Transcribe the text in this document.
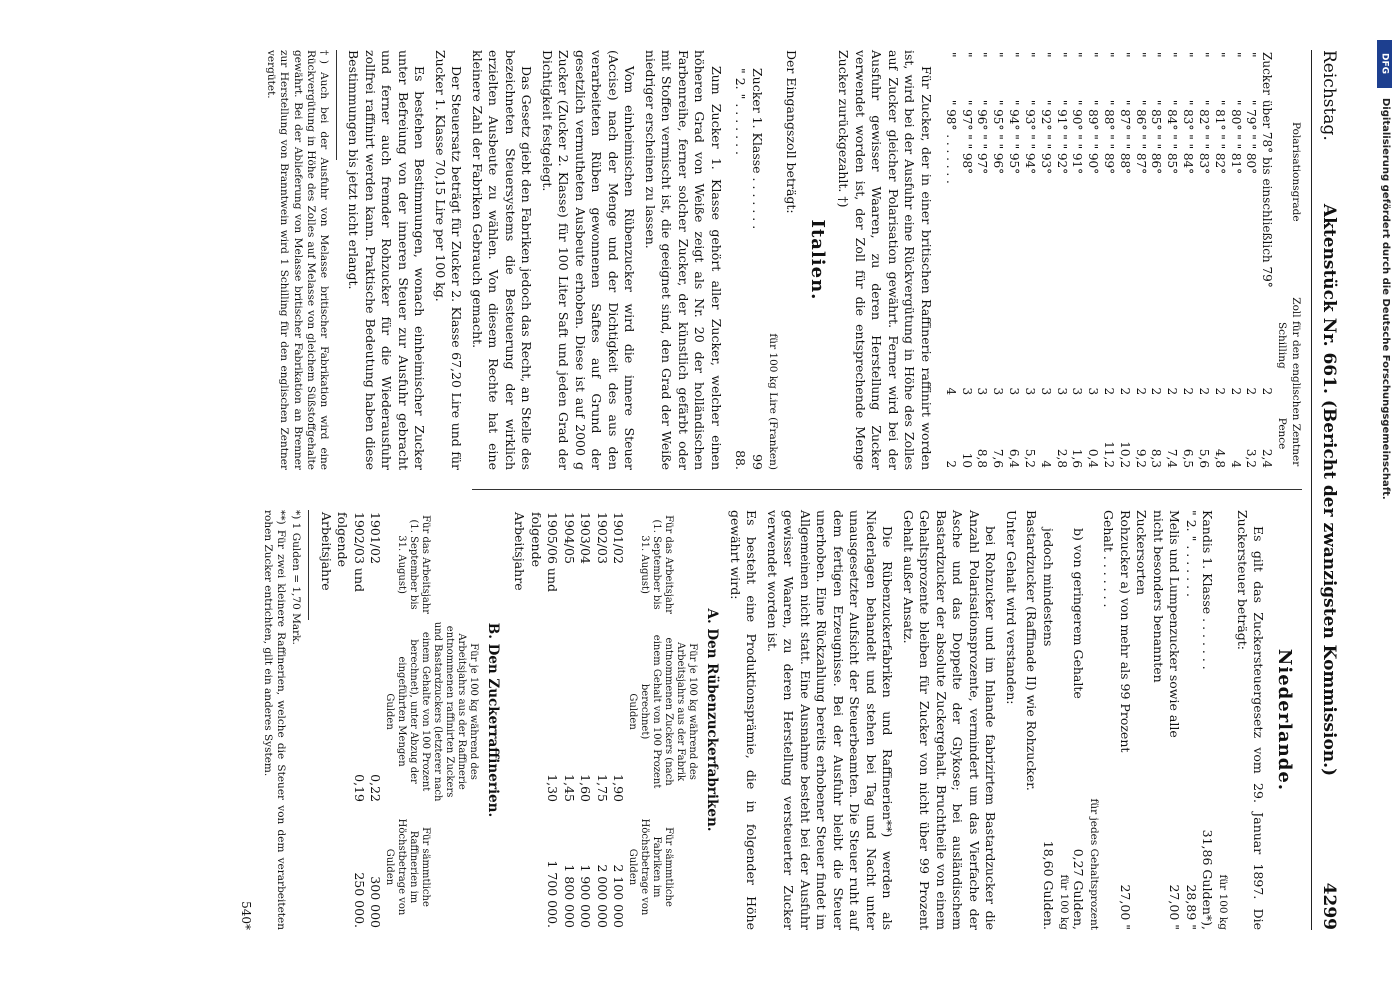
Reichstag.
Aktenstück Nr. 661. (Bericht der zwanzigsten Kommission.)
4299
Polarisationsgrade		Zoll für den englischen Zentner	
		Schilling	Pence
Zucker	über 78° bis einschließlich 79°	2	2,4
"	" 79° " " 80°	2	3,2
"	" 80° " " 81°	2	4
"	" 81° " " 82°	2	4,8
"	" 82° " " 83°	2	5,6
"	" 83° " " 84°	2	6,5
"	" 84° " " 85°	2	7,4
"	" 85° " " 86°	2	8,3
"	" 86° " " 87°	2	9,2
"	" 87° " " 88°	2	10,2
"	" 88° " " 89°	2	11,2
"	" 89° " " 90°	3	0,4
"	" 90° " " 91°	3	1,6
"	" 91° " " 92°	3	2,8
"	" 92° " " 93°	3	4
"	" 93° " " 94°	3	5,2
"	" 94° " " 95°	3	6,4
"	" 95° " " 96°	3	7,6
"	" 96° " " 97°	3	8,8
"	" 97° " " 98°	3	10
"	" 98° . . . . . . .	4	2

Für Zucker, der in einer britischen Raffinerie raffinirt worden ist, wird bei der Ausfuhr eine Rückvergütung in Höhe des Zolles auf Zucker gleicher Polarisation gewährt. Ferner wird bei der Ausfuhr gewisser Waaren, zu deren Herstellung Zucker verwendet worden ist, der Zoll für die entsprechende Menge Zucker zurückgezahlt. †)

Italien.

Der Eingangszoll beträgt:

für 100 kg Lire (Franken)
Zucker 1. Klasse . . . . . . .
99
" 2. " . . . . . . .
88.

Zum Zucker 1. Klasse gehört aller Zucker, welcher einen höheren Grad von Weiße zeigt als Nr. 20 der holländischen Farbenreihe, ferner solcher Zucker, der künstlich gefärbt oder mit Stoffen vermischt ist, die geeignet sind, den Grad der Weiße niedriger erscheinen zu lassen.

Vom einheimischen Rübenzucker wird die innere Steuer (Accise) nach der Menge und der Dichtigkeit des aus den verarbeiteten Rüben gewonnenen Saftes auf Grund der gesetzlich vermutheten Ausbeute erhoben. Diese ist auf 2000 g Zucker (Zucker 2. Klasse) für 100 Liter Saft und jeden Grad der Dichtigkeit festgelegt.

Das Gesetz giebt den Fabriken jedoch das Recht, an Stelle des bezeichneten Steuersystems die Besteuerung der wirklich erzielten Ausbeute zu wählen. Von diesem Rechte hat eine kleinere Zahl der Fabriken Gebrauch gemacht.

Der Steuersatz beträgt für Zucker 2. Klasse 67,20 Lire und für Zucker 1. Klasse 70,15 Lire per 100 kg.

Es bestehen Bestimmungen, wonach einheimischer Zucker unter Befreiung von der inneren Steuer zur Ausfuhr gebracht und ferner auch fremder Rohzucker für die Wiederausfuhr zollfrei raffinirt werden kann. Praktische Bedeutung haben diese Bestimmungen bis jetzt nicht erlangt.

†) Auch bei der Ausfuhr von Melasse britischer Fabrikation wird eine Rückvergütung in Höhe des Zolles auf Melasse von gleichem Süßstoffgehalte gewährt. Bei der Ablieferung von Melasse britischer Fabrikation an Brenner zur Herstellung von Branntwein wird 1 Schilling für den englischen Zentner vergütet.
Niederlande.

Es gilt das Zuckersteuergesetz vom 29. Januar 1897. Die Zuckersteuer beträgt:

für 100 kg
Kandis 1. Klasse . . . . . . .
31,86 Gulden*),
" 2. " . . . . . . .
28,89 "
Melis und Lumpenzucker sowie alle nicht besonders benannten Zuckersorten
27,00 "
Rohzucker a) von mehr als 99 Prozent Gehalt . . . . . . .
27,00 "
für jedes Gehaltsprozent
b) von geringerem Gehalte
0,27 Gulden,
für 100 kg
jedoch mindestens
18,60 Gulden.

Bastardzucker (Raffinade II) wie Rohzucker.

Unter Gehalt wird verstanden:

bei Rohzucker und im Inlande fabrizirtem Bastardzucker die Anzahl Polarisationsprozente, vermindert um das Vierfache der Asche und das Doppelte der Glykose; bei ausländischem Bastardzucker der absolute Zuckergehalt. Bruchtheile von einem Gehaltsprozente bleiben für Zucker von nicht über 99 Prozent Gehalt außer Ansatz.

Die Rübenzuckerfabriken und Raffinerien**) werden als Niederlagen behandelt und stehen bei Tag und Nacht unter unausgesetzter Aufsicht der Steuerbeamten. Die Steuer ruht auf dem fertigen Erzeugnisse. Bei der Ausfuhr bleibt die Steuer unerhoben. Eine Rückzahlung bereits erhobener Steuer findet im Allgemeinen nicht statt. Eine Ausnahme besteht bei der Ausfuhr gewisser Waaren, zu deren Herstellung versteuerter Zucker verwendet worden ist.

Es besteht eine Produktionsprämie, die in folgender Höhe gewährt wird:

A. Den Rübenzuckerfabriken.
Für das Arbeitsjahr (1. September bis 31. August)	Für je 100 kg während des Arbeitsjahrs aus der Fabrik entnommenen Zuckers (nach einem Gehalt von 100 Prozent berechnet)	Für sämmtliche Fabriken im Höchstbetrage von
	Gulden	Gulden
1901/02	1,90	2 100 000
1902/03	1,75	2 000 000
1903/04	1,60	1 900 000
1904/05	1,45	1 800 000
1905/06 und folgende Arbeitsjahre	1,30	1 700 000.
B. Den Zuckerraffinerien.
Für das Arbeitsjahr (1. September bis 31. August)	Für je 100 kg während des Arbeitsjahrs aus der Raffinerie entnommenen raffinirten Zuckers und Bastardzuckers (letzterer nach einem Gehalte von 100 Prozent berechnet), unter Abzug der eingeführten Mengen	Für sämmtliche Raffinerien im Höchstbetrage von
	Gulden	Gulden
1901/02	0,22	300 000
1902/03 und folgende Arbeitsjahre	0,19	250 000.
*) 1 Gulden = 1,70 Mark.
**) Für zwei kleinere Raffinerien, welche die Steuer von dem verarbeiteten rohen Zucker entrichten, gilt ein anderes System.
540*
DFG
Digitalisierung gefördert durch die Deutsche Forschungsgemeinschaft.
